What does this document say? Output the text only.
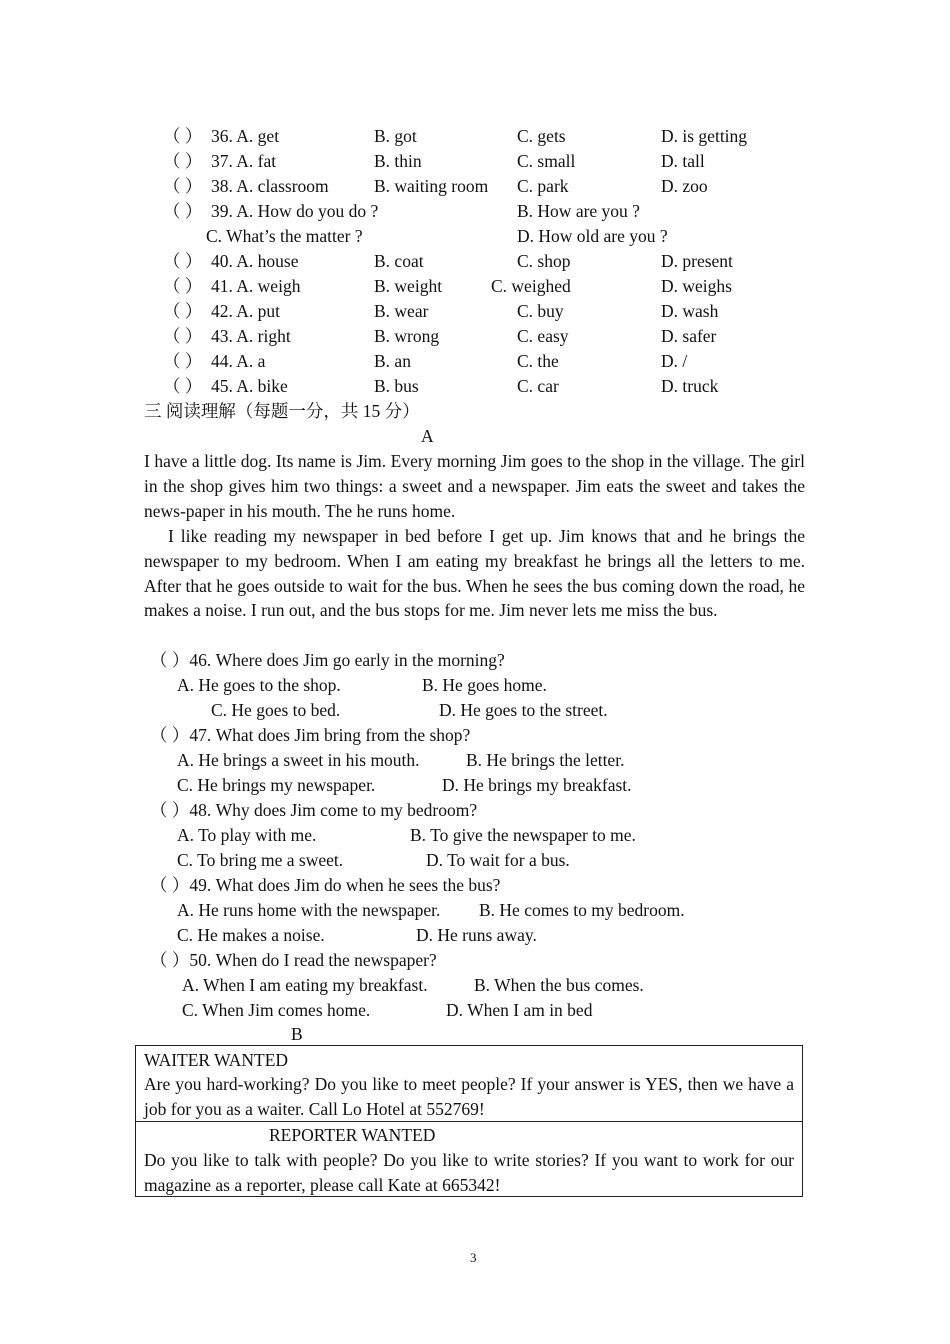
（ ） 36. A. get	B. got	C. gets	D. is getting
（ ） 37. A. fat	B. thin	C. small	D. tall
（ ） 38. A. classroom	B. waiting room C. park	D. zoo
（ ） 39. A. How do you do ?	B. How are you ?
C. What’s the matter ?	D. How old are you ?
（ ） 40. A. house	B. coat	C. shop	D. present
（ ） 41. A. weigh	B. weight	C. weighed	D. weighs
（ ） 42. A. put	B. wear	C. buy	D. wash
（ ） 43. A. right	B. wrong	C. easy	D. safer
（ ） 44. A. a	B. an	C. the	D. /
（ ） 45. A. bike	B. bus	C. car	D. truck
三 阅读理解（每题一分，共 15 分）
A

I have a little dog. Its name is Jim. Every morning Jim goes to the shop in the village. The girl in the shop gives him two things: a sweet and a newspaper. Jim eats the sweet and takes the news-paper in his mouth. The he runs home.

I like reading my newspaper in bed before I get up. Jim knows that and he brings the newspaper to my bedroom. When I am eating my breakfast he brings all the letters to me. After that he goes outside to wait for the bus. When he sees the bus coming down the road, he makes a noise. I run out, and the bus stops for me. Jim never lets me miss the bus.

（ ）46. Where does Jim go early in the morning?
A. He goes to the shop.	B. He goes home.
C. He goes to bed.	D. He goes to the street.
（ ）47. What does Jim bring from the shop?
A. He brings a sweet in his mouth.	B. He brings the letter.
C. He brings my newspaper.	D. He brings my breakfast.
（ ）48. Why does Jim come to my bedroom?
A. To play with me.	B. To give the newspaper to me.
C. To bring me a sweet.	D. To wait for a bus.
（ ）49. What does Jim do when he sees the bus?
A. He runs home with the newspaper. B. He comes to my bedroom.
C. He makes a noise.	D. He runs away.
（ ）50. When do I read the newspaper?
A. When I am eating my breakfast.	B. When the bus comes.
C. When Jim comes home.	D. When I am in bed
B
WAITER WANTED
Are you hard-working? Do you like to meet people? If your answer is YES, then we have a job for you as a waiter. Call Lo Hotel at 552769!
REPORTER WANTED
Do you like to talk with people? Do you like to write stories? If you want to work for our magazine as a reporter, please call Kate at 665342!
3
